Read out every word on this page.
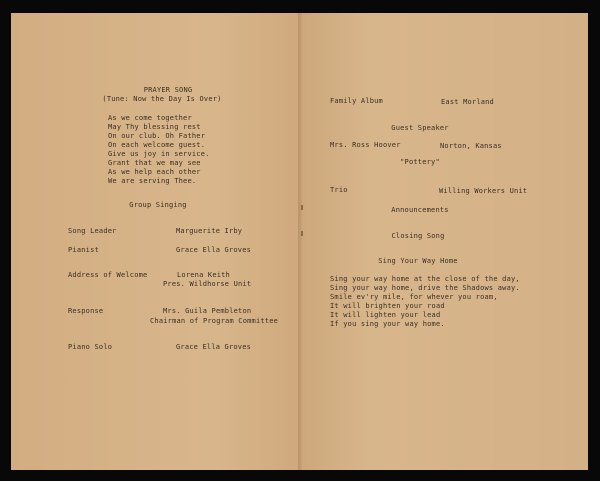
PRAYER SONG
(Tune: Now the Day Is Over)
As we come together
May Thy blessing rest
On our club. Oh Father
On each welcome guest.
Give us joy in service.
Grant that we may see
As we help each other
We are serving Thee.
Group Singing
Song Leader	Marguerite Irby
Pianist	Grace Ella Groves
Address of Welcome	Lorena Keith
Pres. Wildhorse Unit
Response	Mrs. Guila Pembleton
Chairman of Program Committee
Piano Solo	Grace Ella Groves
Family Album	East Morland
Guest Speaker
Mrs. Ross Hoover	Norton, Kansas
"Pottery"
Trio	Willing Workers Unit
Announcements
Closing Song
Sing Your Way Home
Sing your way home at the close of the day,
Sing your way home, drive the Shadows away.
Smile ev'ry mile, for whever you roam,
It will brighten your road
It will lighten your lead
If you sing your way home.
